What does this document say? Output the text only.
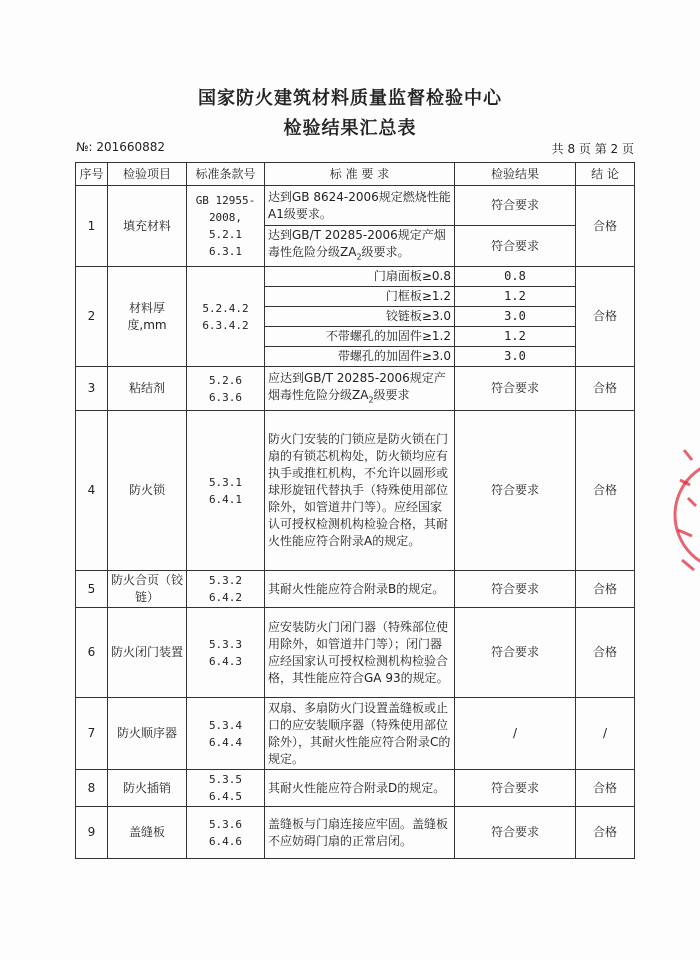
国家防火建筑材料质量监督检验中心
检验结果汇总表
№: 201660882	共 8 页 第 2 页
序号	检验项目	标准条款号	标 准 要 求	检验结果	结 论
1	填充材料	GB 12955-2008, 5.2.1 6.3.1	达到GB 8624-2006规定燃烧性能A1级要求。	符合要求	合格
			达到GB/T 20285-2006规定产烟毒性危险分级$ZA_2$级要求。	符合要求	
2	材料厚度,mm	5.2.4.2 6.3.4.2	门扇面板≥0.8	0.8	合格
			门框板≥1.2	1.2	
			铰链板≥3.0	3.0	
			不带螺孔的加固件≥1.2	1.2	
			带螺孔的加固件≥3.0	3.0	
3	粘结剂	5.2.6 6.3.6	应达到GB/T 20285-2006规定产烟毒性危险分级$ZA_2$级要求	符合要求	合格
4	防火锁	5.3.1 6.4.1	防火门安装的门锁应是防火锁在门扇的有锁芯机构处，防火锁均应有执手或推杠机构，不允许以圆形或球形旋钮代替执手（特殊使用部位除外，如管道井门等）。应经国家认可授权检测机构检验合格，其耐火性能应符合附录A的规定。	符合要求	合格
5	防火合页（铰链）	5.3.2 6.4.2	其耐火性能应符合附录B的规定。	符合要求	合格
6	防火闭门装置	5.3.3 6.4.3	应安装防火门闭门器（特殊部位使用除外，如管道井门等）；闭门器应经国家认可授权检测机构检验合格，其性能应符合GA 93的规定。	符合要求	合格
7	防火顺序器	5.3.4 6.4.4	双扇、多扇防火门设置盖缝板或止口的应安装顺序器（特殊使用部位除外），其耐火性能应符合附录C的规定。	/	/
8	防火插销	5.3.5 6.4.5	其耐火性能应符合附录D的规定。	符合要求	合格
9	盖缝板	5.3.6 6.4.6	盖缝板与门扇连接应牢固。盖缝板不应妨碍门扇的正常启闭。	符合要求	合格
